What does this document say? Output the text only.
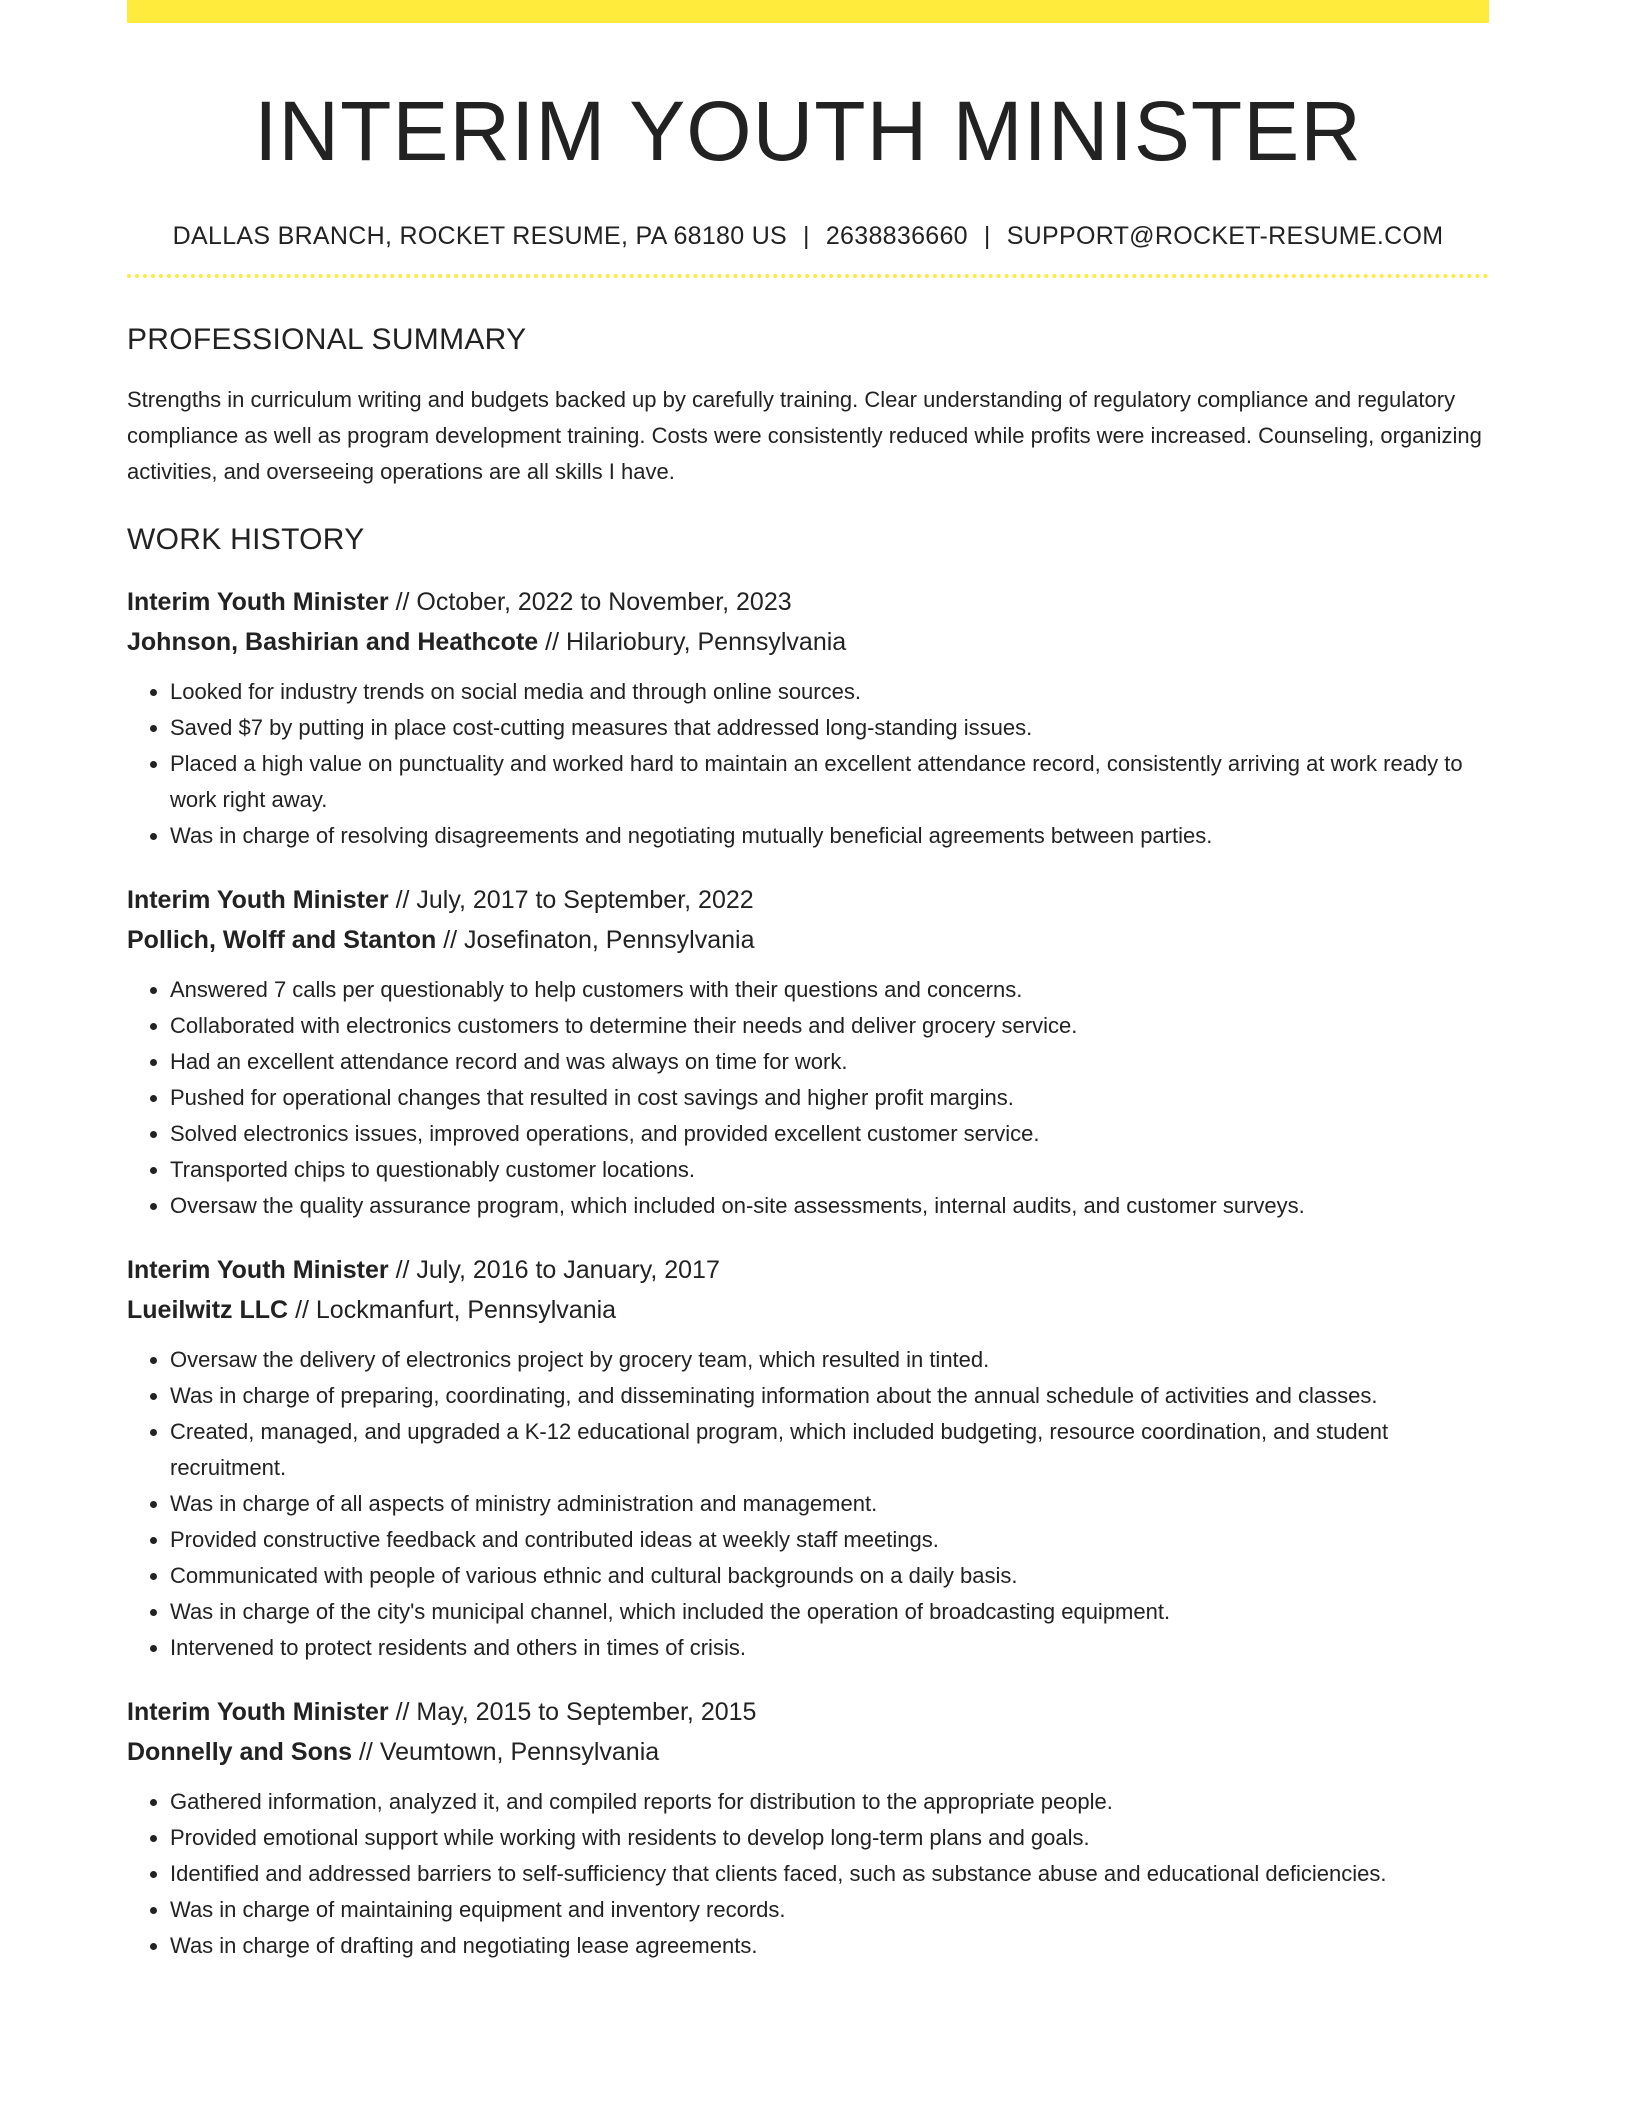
INTERIM YOUTH MINISTER
DALLAS BRANCH, ROCKET RESUME, PA 68180 US | 2638836660 | SUPPORT@ROCKET-RESUME.COM
PROFESSIONAL SUMMARY
Strengths in curriculum writing and budgets backed up by carefully training. Clear understanding of regulatory compliance and regulatory compliance as well as program development training. Costs were consistently reduced while profits were increased. Counseling, organizing activities, and overseeing operations are all skills I have.
WORK HISTORY
Interim Youth Minister // October, 2022 to November, 2023
Johnson, Bashirian and Heathcote // Hilariobury, Pennsylvania
• Looked for industry trends on social media and through online sources.
• Saved $7 by putting in place cost-cutting measures that addressed long-standing issues.
• Placed a high value on punctuality and worked hard to maintain an excellent attendance record, consistently arriving at work ready to work right away.
• Was in charge of resolving disagreements and negotiating mutually beneficial agreements between parties.
Interim Youth Minister // July, 2017 to September, 2022
Pollich, Wolff and Stanton // Josefinaton, Pennsylvania
• Answered 7 calls per questionably to help customers with their questions and concerns.
• Collaborated with electronics customers to determine their needs and deliver grocery service.
• Had an excellent attendance record and was always on time for work.
• Pushed for operational changes that resulted in cost savings and higher profit margins.
• Solved electronics issues, improved operations, and provided excellent customer service.
• Transported chips to questionably customer locations.
• Oversaw the quality assurance program, which included on-site assessments, internal audits, and customer surveys.
Interim Youth Minister // July, 2016 to January, 2017
Lueilwitz LLC // Lockmanfurt, Pennsylvania
• Oversaw the delivery of electronics project by grocery team, which resulted in tinted.
• Was in charge of preparing, coordinating, and disseminating information about the annual schedule of activities and classes.
• Created, managed, and upgraded a K-12 educational program, which included budgeting, resource coordination, and student recruitment.
• Was in charge of all aspects of ministry administration and management.
• Provided constructive feedback and contributed ideas at weekly staff meetings.
• Communicated with people of various ethnic and cultural backgrounds on a daily basis.
• Was in charge of the city's municipal channel, which included the operation of broadcasting equipment.
• Intervened to protect residents and others in times of crisis.
Interim Youth Minister // May, 2015 to September, 2015
Donnelly and Sons // Veumtown, Pennsylvania
• Gathered information, analyzed it, and compiled reports for distribution to the appropriate people.
• Provided emotional support while working with residents to develop long-term plans and goals.
• Identified and addressed barriers to self-sufficiency that clients faced, such as substance abuse and educational deficiencies.
• Was in charge of maintaining equipment and inventory records.
• Was in charge of drafting and negotiating lease agreements.
